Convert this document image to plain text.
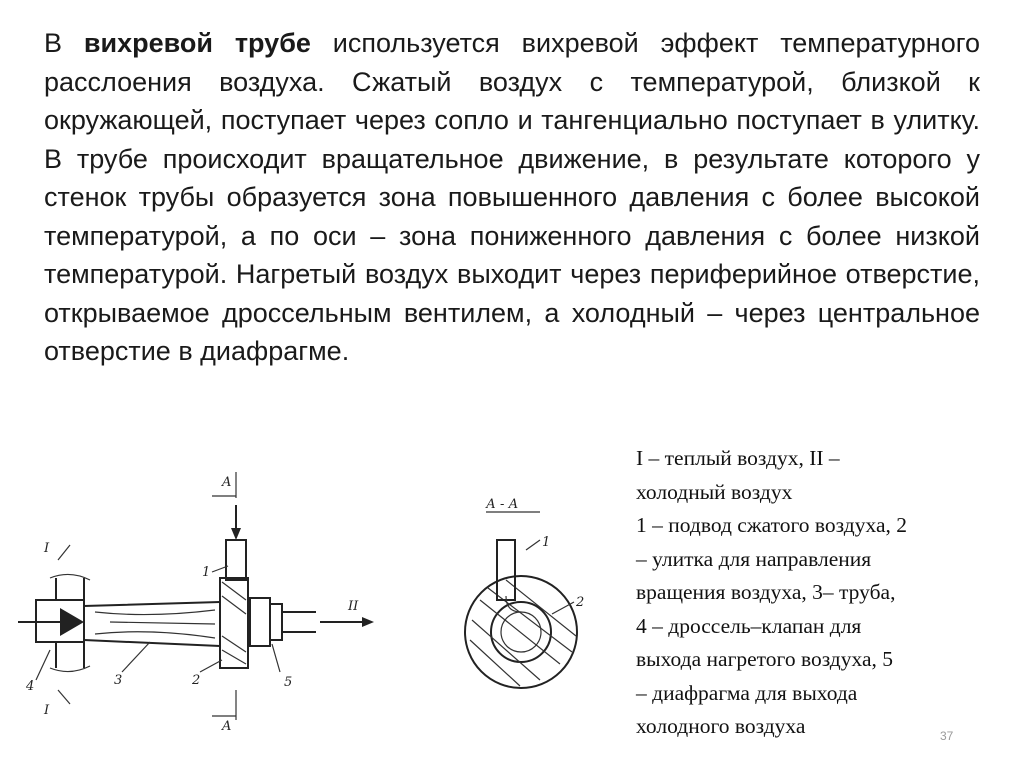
В вихревой трубе используется вихревой эффект температурного расслоения воздуха. Сжатый воздух с температурой, близкой к окружающей, поступает через сопло и тангенциально поступает в улитку. В трубе происходит вращательное движение, в результате которого у стенок трубы образуется зона повышенного давления с более высокой температурой, а по оси – зона пониженного давления с более низкой температурой. Нагретый воздух выходит через периферийное отверстие, открываемое дроссельным вентилем, а холодный – через центральное отверстие в диафрагме.
A
A
I
I
II
1
2
3
4	5
А - А
1
2
I – теплый воздух, II –
холодный воздух
1 – подвод сжатого воздуха, 2
– улитка для направления
вращения воздуха, 3– труба,
4 – дроссель–клапан для
выхода нагретого воздуха, 5
– диафрагма для выхода
холодного воздуха	37
